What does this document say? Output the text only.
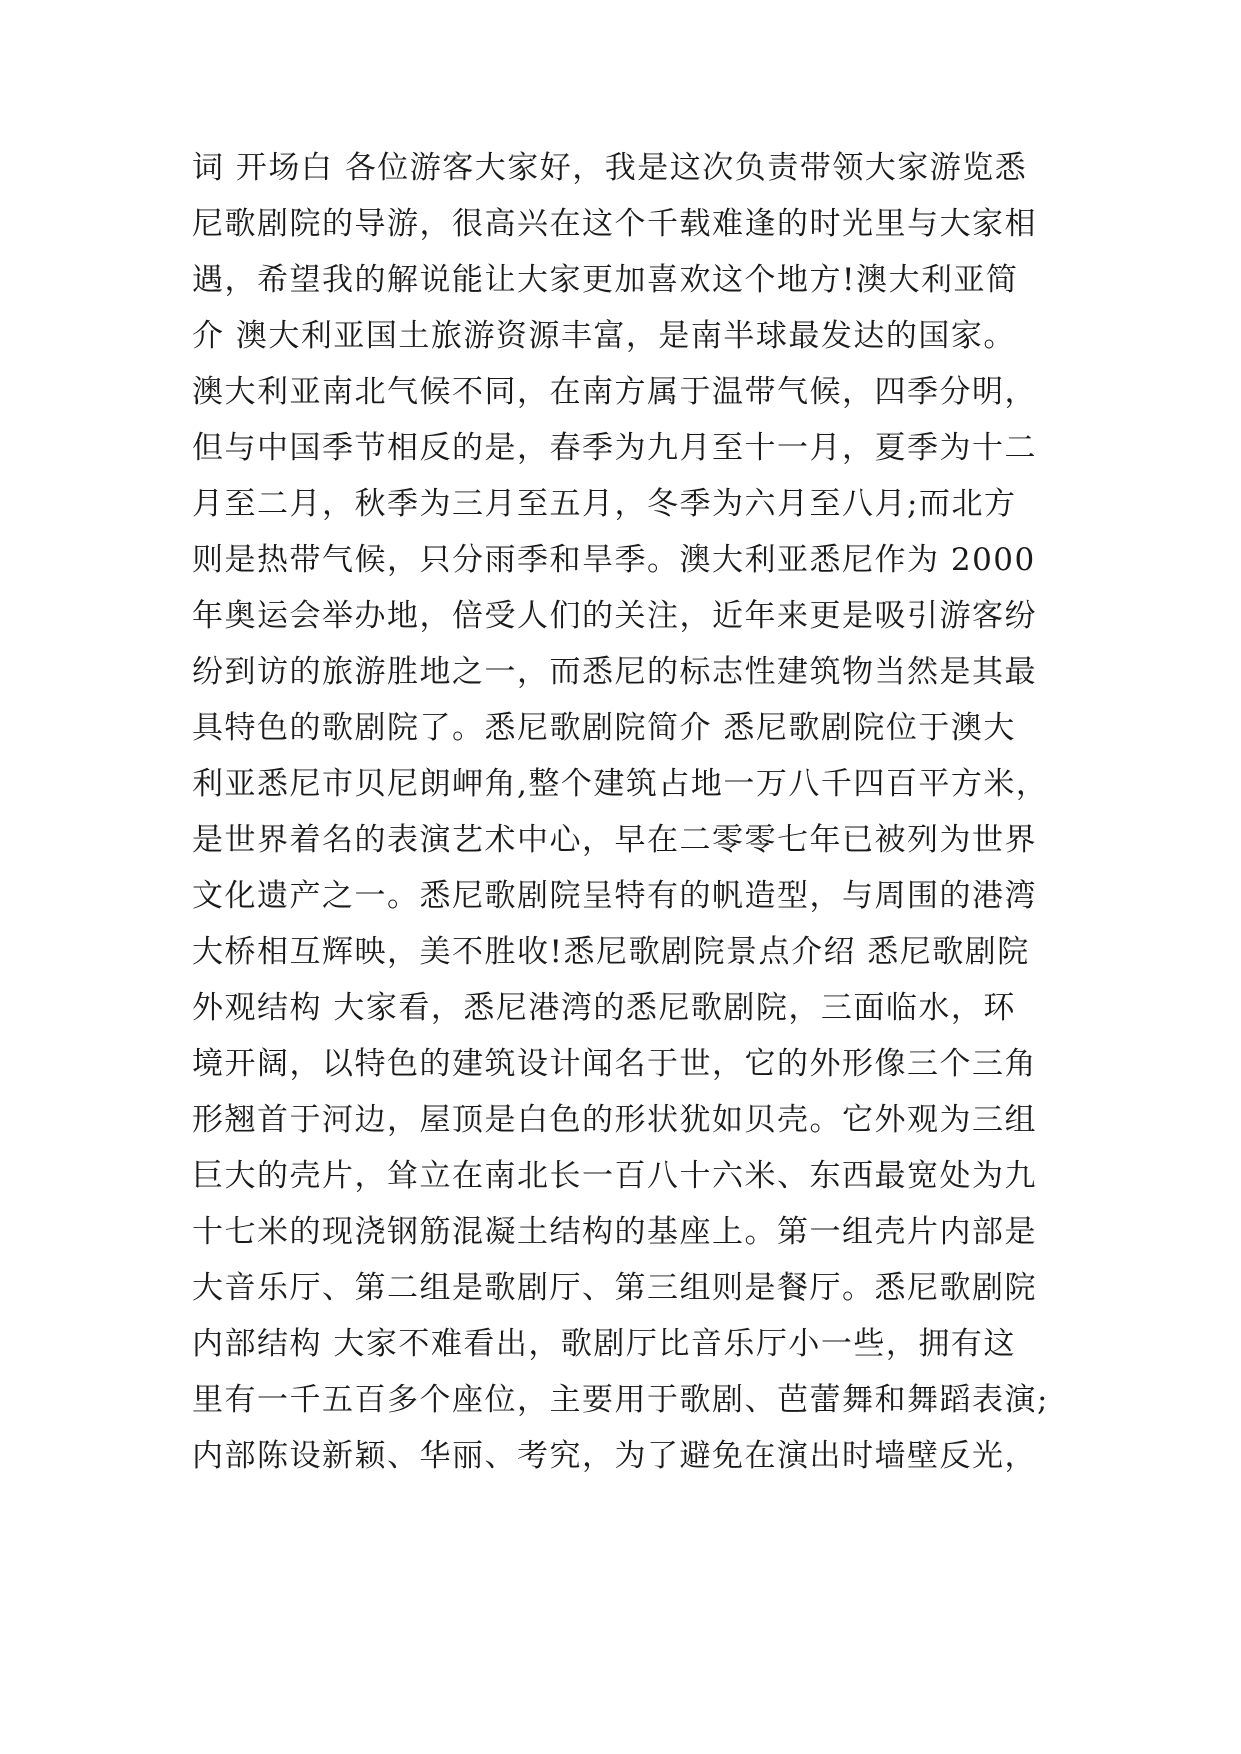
词 开场白 各位游客大家好，我是这次负责带领大家游览悉
尼歌剧院的导游，很高兴在这个千载难逢的时光里与大家相
遇，希望我的解说能让大家更加喜欢这个地方!澳大利亚简
介 澳大利亚国土旅游资源丰富，是南半球最发达的国家。
澳大利亚南北气候不同，在南方属于温带气候，四季分明，
但与中国季节相反的是，春季为九月至十一月，夏季为十二
月至二月，秋季为三月至五月，冬季为六月至八月;而北方
则是热带气候，只分雨季和旱季。澳大利亚悉尼作为 2000
年奥运会举办地，倍受人们的关注，近年来更是吸引游客纷
纷到访的旅游胜地之一，而悉尼的标志性建筑物当然是其最
具特色的歌剧院了。悉尼歌剧院简介 悉尼歌剧院位于澳大
利亚悉尼市贝尼朗岬角,整个建筑占地一万八千四百平方米，
是世界着名的表演艺术中心，早在二零零七年已被列为世界
文化遗产之一。悉尼歌剧院呈特有的帆造型，与周围的港湾
大桥相互辉映，美不胜收!悉尼歌剧院景点介绍 悉尼歌剧院
外观结构 大家看，悉尼港湾的悉尼歌剧院，三面临水，环
境开阔，以特色的建筑设计闻名于世，它的外形像三个三角
形翘首于河边，屋顶是白色的形状犹如贝壳。它外观为三组
巨大的壳片，耸立在南北长一百八十六米、东西最宽处为九
十七米的现浇钢筋混凝土结构的基座上。第一组壳片内部是
大音乐厅、第二组是歌剧厅、第三组则是餐厅。悉尼歌剧院
内部结构 大家不难看出，歌剧厅比音乐厅小一些，拥有这
里有一千五百多个座位，主要用于歌剧、芭蕾舞和舞蹈表演;
内部陈设新颖、华丽、考究，为了避免在演出时墙壁反光，
